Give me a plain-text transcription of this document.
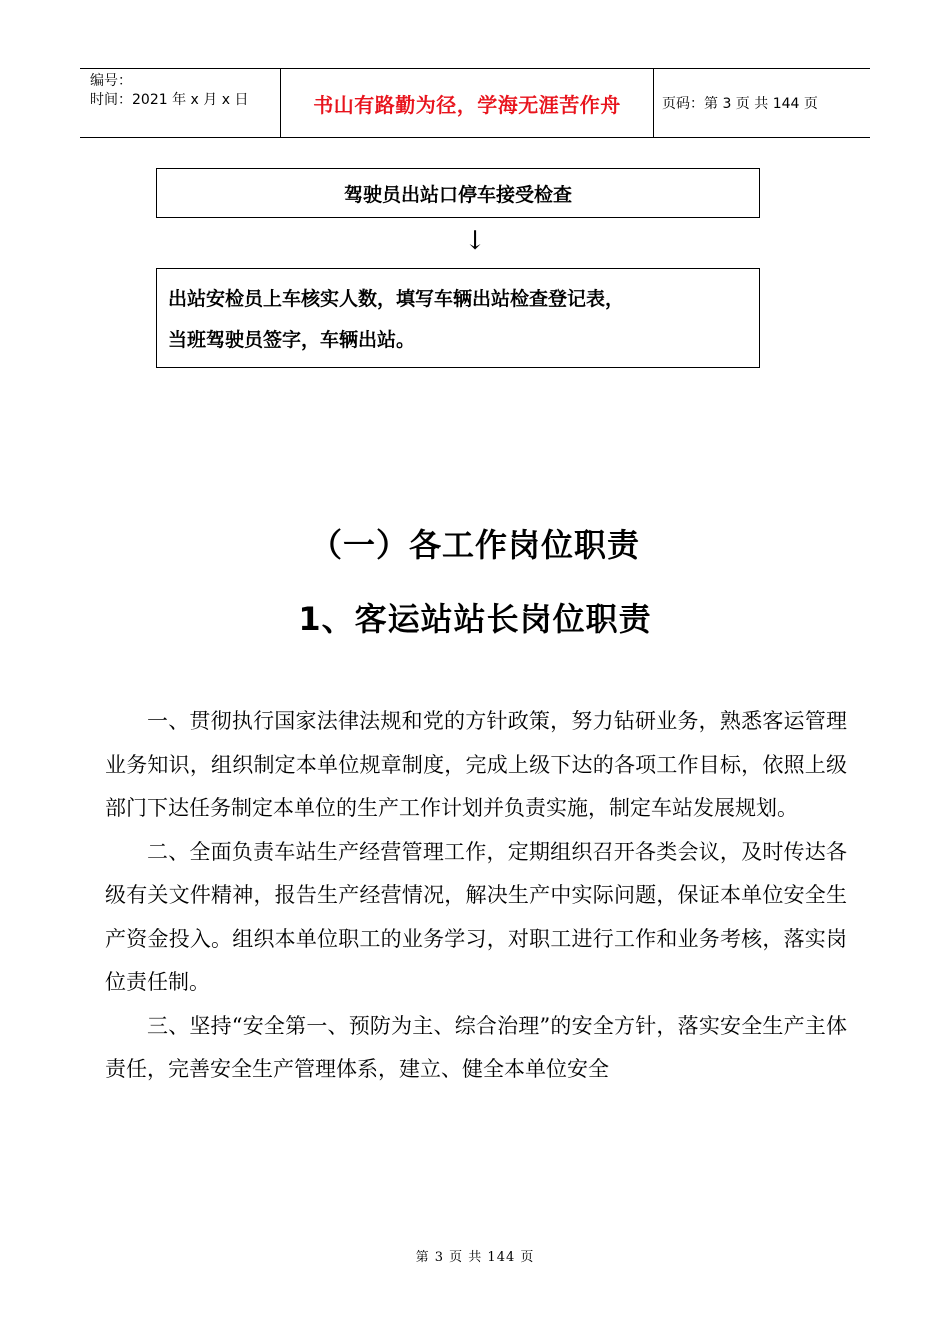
编号：
时间：2021 年 x 月 x 日	书山有路勤为径，学海无涯苦作舟	页码：第 3 页 共 144 页
驾驶员出站口停车接受检查
↓
出站安检员上车核实人数，填写车辆出站检查登记表，
当班驾驶员签字，车辆出站。
（一）各工作岗位职责
1、客运站站长岗位职责

一、贯彻执行国家法律法规和党的方针政策，努力钻研业务，熟悉客运管理业务知识，组织制定本单位规章制度，完成上级下达的各项工作目标，依照上级部门下达任务制定本单位的生产工作计划并负责实施，制定车站发展规划。

二、全面负责车站生产经营管理工作，定期组织召开各类会议，及时传达各级有关文件精神，报告生产经营情况，解决生产中实际问题，保证本单位安全生产资金投入。组织本单位职工的业务学习，对职工进行工作和业务考核，落实岗位责任制。

三、坚持“安全第一、预防为主、综合治理”的安全方针，落实安全生产主体责任，完善安全生产管理体系，建立、健全本单位安全

第 3 页 共 144 页
